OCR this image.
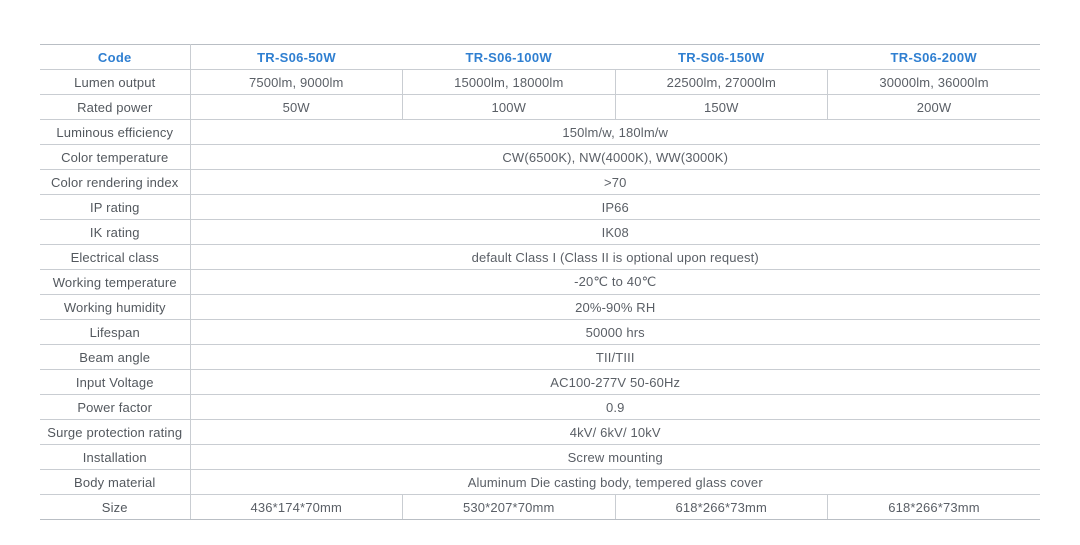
Code	TR-S06-50W	TR-S06-100W	TR-S06-150W	TR-S06-200W
Lumen output	7500lm, 9000lm	15000lm, 18000lm	22500lm, 27000lm	30000lm, 36000lm
Rated power	50W	100W	150W	200W
Luminous efficiency	150lm/w, 180lm/w			
Color temperature	CW(6500K), NW(4000K), WW(3000K)			
Color rendering index	>70			
IP rating	IP66			
IK rating	IK08			
Electrical class	default Class I (Class II is optional upon request)			
Working temperature	-20℃ to 40℃			
Working humidity	20%-90% RH			
Lifespan	50000 hrs			
Beam angle	TII/TIII			
Input Voltage	AC100-277V 50-60Hz			
Power factor	0.9			
Surge protection rating	4kV/ 6kV/ 10kV			
Installation	Screw mounting			
Body material	Aluminum Die casting body, tempered glass cover			
Size	436*174*70mm	530*207*70mm	618*266*73mm	618*266*73mm
